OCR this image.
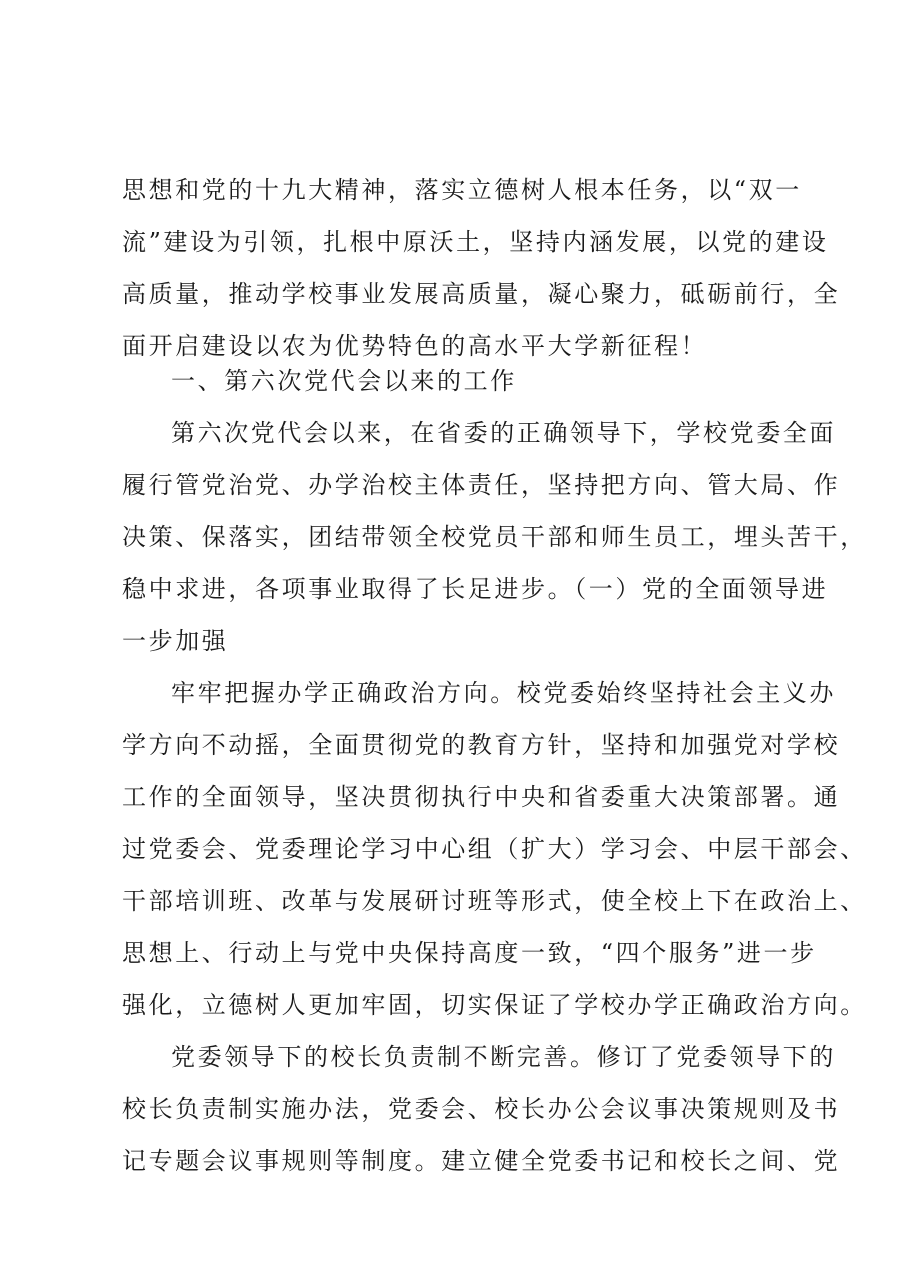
思想和党的十九大精神，落实立德树人根本任务，以“双一
流”建设为引领，扎根中原沃土，坚持内涵发展，以党的建设
高质量，推动学校事业发展高质量，凝心聚力，砥砺前行，全
面开启建设以农为优势特色的高水平大学新征程！
一、第六次党代会以来的工作
第六次党代会以来，在省委的正确领导下，学校党委全面
履行管党治党、办学治校主体责任，坚持把方向、管大局、作
决策、保落实，团结带领全校党员干部和师生员工，埋头苦干，
稳中求进，各项事业取得了长足进步。（一）党的全面领导进
一步加强
牢牢把握办学正确政治方向。校党委始终坚持社会主义办
学方向不动摇，全面贯彻党的教育方针，坚持和加强党对学校
工作的全面领导，坚决贯彻执行中央和省委重大决策部署。通
过党委会、党委理论学习中心组（扩大）学习会、中层干部会、
干部培训班、改革与发展研讨班等形式，使全校上下在政治上、
思想上、行动上与党中央保持高度一致，“四个服务”进一步
强化，立德树人更加牢固，切实保证了学校办学正确政治方向。
党委领导下的校长负责制不断完善。修订了党委领导下的
校长负责制实施办法，党委会、校长办公会议事决策规则及书
记专题会议事规则等制度。建立健全党委书记和校长之间、党
